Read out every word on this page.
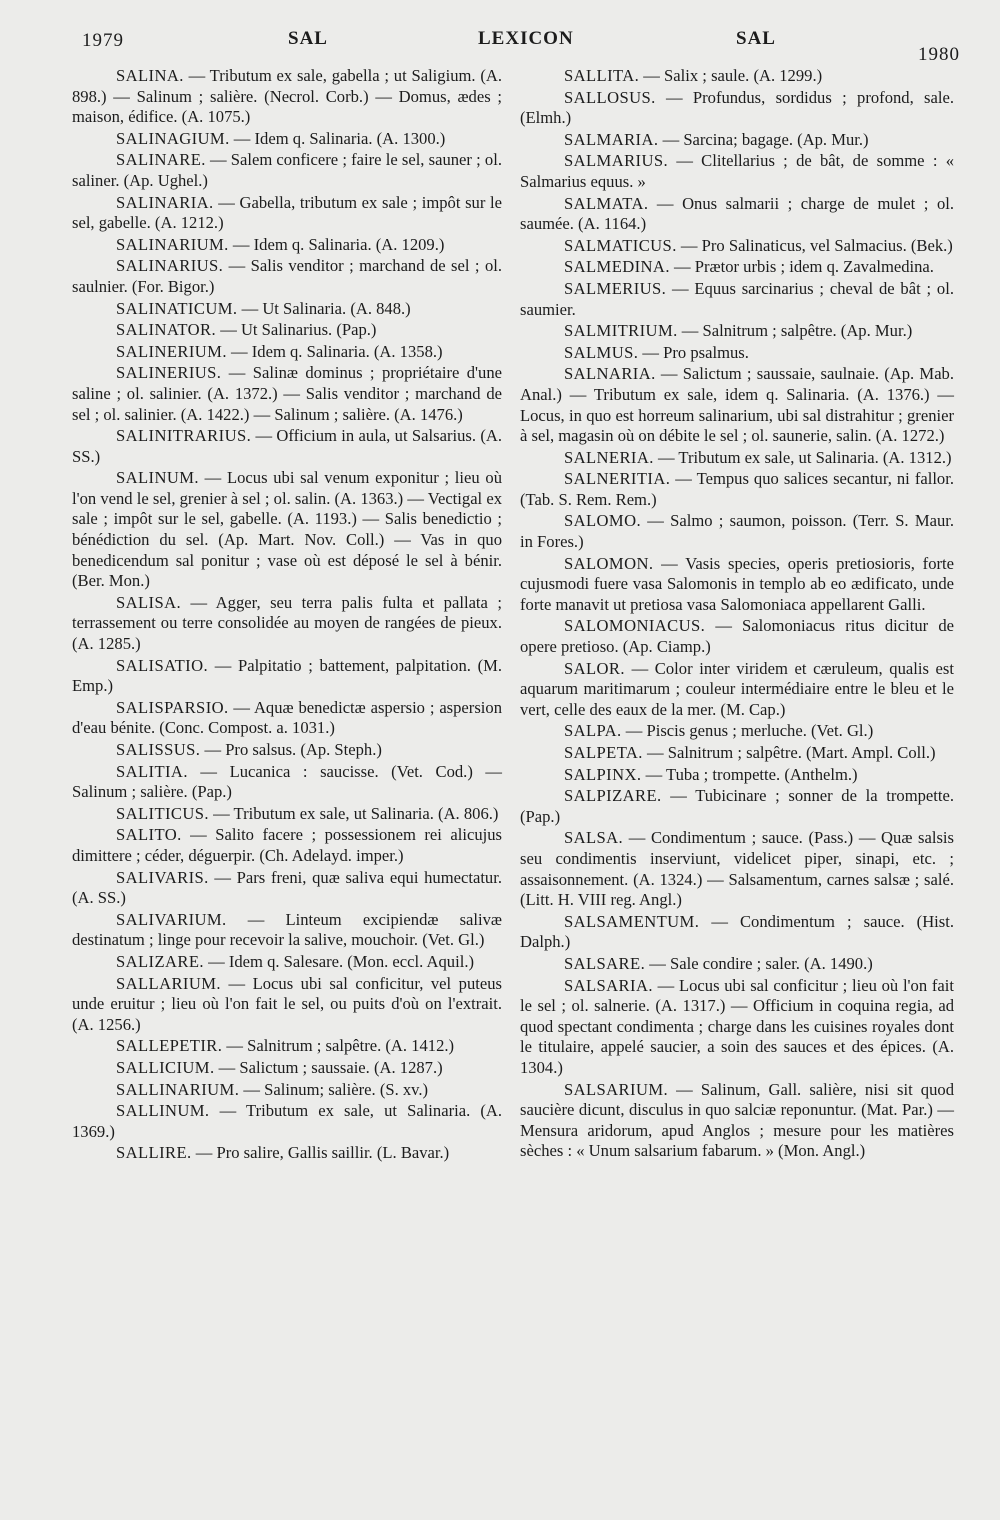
1979	SAL	LEXICON	SAL
1980

SALINA. — Tributum ex sale, gabella ; ut Saligium. (A. 898.) — Salinum ; salière. (Necrol. Corb.) — Domus, ædes ; maison, édifice. (A. 1075.)

SALINAGIUM. — Idem q. Salinaria. (A. 1300.)

SALINARE. — Salem conficere ; faire le sel, sauner ; ol. saliner. (Ap. Ughel.)

SALINARIA. — Gabella, tributum ex sale ; impôt sur le sel, gabelle. (A. 1212.)

SALINARIUM. — Idem q. Salinaria. (A. 1209.)

SALINARIUS. — Salis venditor ; marchand de sel ; ol. saulnier. (For. Bigor.)

SALINATICUM. — Ut Salinaria. (A. 848.)

SALINATOR. — Ut Salinarius. (Pap.)

SALINERIUM. — Idem q. Salinaria. (A. 1358.)

SALINERIUS. — Salinæ dominus ; propriétaire d'une saline ; ol. salinier. (A. 1372.) — Salis venditor ; marchand de sel ; ol. salinier. (A. 1422.) — Salinum ; salière. (A. 1476.)

SALINITRARIUS. — Officium in aula, ut Salsarius. (A. SS.)

SALINUM. — Locus ubi sal venum exponitur ; lieu où l'on vend le sel, grenier à sel ; ol. salin. (A. 1363.) — Vectigal ex sale ; impôt sur le sel, gabelle. (A. 1193.) — Salis benedictio ; bénédiction du sel. (Ap. Mart. Nov. Coll.) — Vas in quo benedicendum sal ponitur ; vase où est déposé le sel à bénir. (Ber. Mon.)

SALISA. — Agger, seu terra palis fulta et pallata ; terrassement ou terre consolidée au moyen de rangées de pieux. (A. 1285.)

SALISATIO. — Palpitatio ; battement, palpitation. (M. Emp.)

SALISPARSIO. — Aquæ benedictæ aspersio ; aspersion d'eau bénite. (Conc. Compost. a. 1031.)

SALISSUS. — Pro salsus. (Ap. Steph.)

SALITIA. — Lucanica : saucisse. (Vet. Cod.) — Salinum ; salière. (Pap.)

SALITICUS. — Tributum ex sale, ut Salinaria. (A. 806.)

SALITO. — Salito facere ; possessionem rei alicujus dimittere ; céder, déguerpir. (Ch. Adelayd. imper.)

SALIVARIS. — Pars freni, quæ saliva equi humectatur. (A. SS.)

SALIVARIUM. — Linteum excipiendæ salivæ destinatum ; linge pour recevoir la salive, mouchoir. (Vet. Gl.)

SALIZARE. — Idem q. Salesare. (Mon. eccl. Aquil.)

SALLARIUM. — Locus ubi sal conficitur, vel puteus unde eruitur ; lieu où l'on fait le sel, ou puits d'où on l'extrait. (A. 1256.)

SALLEPETIR. — Salnitrum ; salpêtre. (A. 1412.)

SALLICIUM. — Salictum ; saussaie. (A. 1287.)

SALLINARIUM. — Salinum; salière. (S. xv.)

SALLINUM. — Tributum ex sale, ut Salinaria. (A. 1369.)

SALLIRE. — Pro salire, Gallis saillir. (L. Bavar.)

SALLITA. — Salix ; saule. (A. 1299.)

SALLOSUS. — Profundus, sordidus ; profond, sale. (Elmh.)

SALMARIA. — Sarcina; bagage. (Ap. Mur.)

SALMARIUS. — Clitellarius ; de bât, de somme : « Salmarius equus. »

SALMATA. — Onus salmarii ; charge de mulet ; ol. saumée. (A. 1164.)

SALMATICUS. — Pro Salinaticus, vel Salmacius. (Bek.)

SALMEDINA. — Prætor urbis ; idem q. Zavalmedina.

SALMERIUS. — Equus sarcinarius ; cheval de bât ; ol. saumier.

SALMITRIUM. — Salnitrum ; salpêtre. (Ap. Mur.)

SALMUS. — Pro psalmus.

SALNARIA. — Salictum ; saussaie, saulnaie. (Ap. Mab. Anal.) — Tributum ex sale, idem q. Salinaria. (A. 1376.) — Locus, in quo est horreum salinarium, ubi sal distrahitur ; grenier à sel, magasin où on débite le sel ; ol. saunerie, salin. (A. 1272.)

SALNERIA. — Tributum ex sale, ut Salinaria. (A. 1312.)

SALNERITIA. — Tempus quo salices secantur, ni fallor. (Tab. S. Rem. Rem.)

SALOMO. — Salmo ; saumon, poisson. (Terr. S. Maur. in Fores.)

SALOMON. — Vasis species, operis pretiosioris, forte cujusmodi fuere vasa Salomonis in templo ab eo ædificato, unde forte manavit ut pretiosa vasa Salomoniaca appellarent Galli.

SALOMONIACUS. — Salomoniacus ritus dicitur de opere pretioso. (Ap. Ciamp.)

SALOR. — Color inter viridem et cæruleum, qualis est aquarum maritimarum ; couleur intermédiaire entre le bleu et le vert, celle des eaux de la mer. (M. Cap.)

SALPA. — Piscis genus ; merluche. (Vet. Gl.)

SALPETA. — Salnitrum ; salpêtre. (Mart. Ampl. Coll.)

SALPINX. — Tuba ; trompette. (Anthelm.)

SALPIZARE. — Tubicinare ; sonner de la trompette. (Pap.)

SALSA. — Condimentum ; sauce. (Pass.) — Quæ salsis seu condimentis inserviunt, videlicet piper, sinapi, etc. ; assaisonnement. (A. 1324.) — Salsamentum, carnes salsæ ; salé. (Litt. H. VIII reg. Angl.)

SALSAMENTUM. — Condimentum ; sauce. (Hist. Dalph.)

SALSARE. — Sale condire ; saler. (A. 1490.)

SALSARIA. — Locus ubi sal conficitur ; lieu où l'on fait le sel ; ol. salnerie. (A. 1317.) — Officium in coquina regia, ad quod spectant condimenta ; charge dans les cuisines royales dont le titulaire, appelé saucier, a soin des sauces et des épices. (A. 1304.)

SALSARIUM. — Salinum, Gall. salière, nisi sit quod saucière dicunt, disculus in quo salciæ reponuntur. (Mat. Par.) — Mensura aridorum, apud Anglos ; mesure pour les matières sèches : « Unum salsarium fabarum. » (Mon. Angl.)
